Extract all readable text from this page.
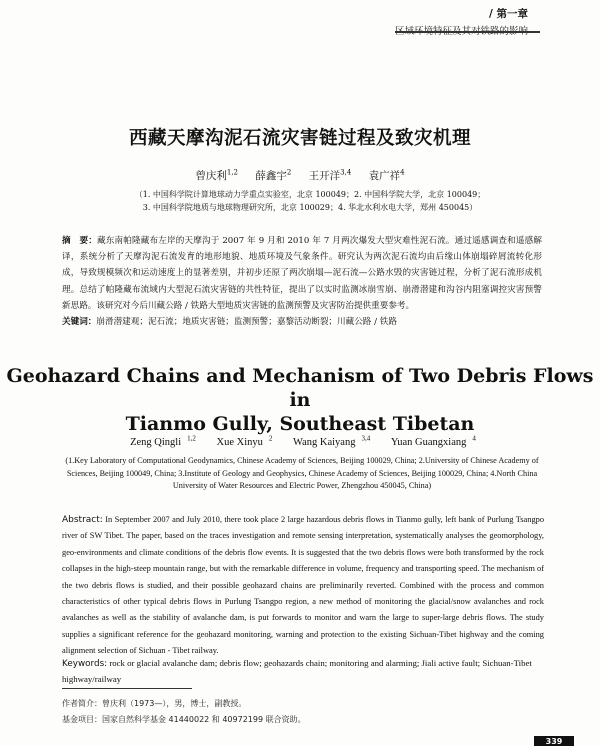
/ 第一章
西藏天摩沟泥石流灾害链过程及致灾机理
曾庆利$^{1,2}$ 薛鑫宇$^2$ 王开洋$^{3,4}$ 袁广祥$^4$
（1. 中国科学院计算地球动力学重点实验室，北京 100049；2. 中国科学院大学，北京 100049；
3. 中国科学院地质与地球物理研究所，北京 100029；4. 华北水利水电大学，郑州 450045）
摘　要：藏东南帕隆藏布左岸的天摩沟于 2007 年 9 月和 2010 年 7 月两次爆发大型灾难性泥石流。通过遥感调查和遥感解译，系统分析了天摩沟泥石流发育的地形地貌、地质环境及气象条件。研究认为两次泥石流均由后缘山体崩塌碎屑流转化形成，导致规模频次和运动速度上的显著差别，并初步还原了两次崩塌—泥石流—公路水毁的灾害链过程，分析了泥石流形成机理。总结了帕隆藏布流域内大型泥石流灾害链的共性特征，提出了以实时监测冰崩雪崩、崩滑潜建和沟谷内阻塞调控灾害预警新思路。该研究对今后川藏公路 / 铁路大型地质灾害链的监测预警及灾害防治提供重要参考。
关键词：崩滑潜建观；泥石流；地质灾害链；监测预警；嘉黎活动断裂；川藏公路 / 铁路
Geohazard Chains and Mechanism of Two Debris Flows in
Tianmo Gully, Southeast Tibetan
Zeng Qingli $^{1,2}$ Xue Xinyu $^2$ Wang Kaiyang $^{3,4}$ Yuan Guangxiang $^4$
(1.Key Laboratory of Computational Geodynamics, Chinese Academy of Sciences, Beijing 100029, China; 2.University of Chinese Academy of Sciences, Beijing 100049, China; 3.Institute of Geology and Geophysics, Chinese Academy of Sciences, Beijing 100029, China; 4.North China University of Water Resources and Electric Power, Zhengzhou 450045, China)
Abstract: In September 2007 and July 2010, there took place 2 large hazardous debris flows in Tianmo gully, left bank of Purlung Tsangpo river of SW Tibet. The paper, based on the traces investigation and remote sensing interpretation, systematically analyses the geomorphology, geo-environments and climate conditions of the debris flow events. It is suggested that the two debris flows were both transformed by the rock collapses in the high-steep mountain range, but with the remarkable difference in volume, frequency and transporting speed. The mechanism of the two debris flows is studied, and their possible geohazard chains are preliminarily reverted. Combined with the process and common characteristics of other typical debris flows in Purlung Tsangpo region, a new method of monitoring the glacial/snow avalanches and rock avalanches as well as the stability of avalanche dam, is put forwards to monitor and warn the large to super-large debris flows. The study supplies a significant reference for the geohazard monitoring, warning and protection to the existing Sichuan-Tibet highway and the coming alignment selection of Sichuan - Tibet railway.
Keywords: rock or glacial avalanche dam; debris flow; geohazards chain; monitoring and alarming; Jiali active fault; Sichuan-Tibet highway/railway
作者简介：曾庆利（1973—），男，博士，副教授。
基金项目：国家自然科学基金 41440022 和 40972199 联合资助。
339
